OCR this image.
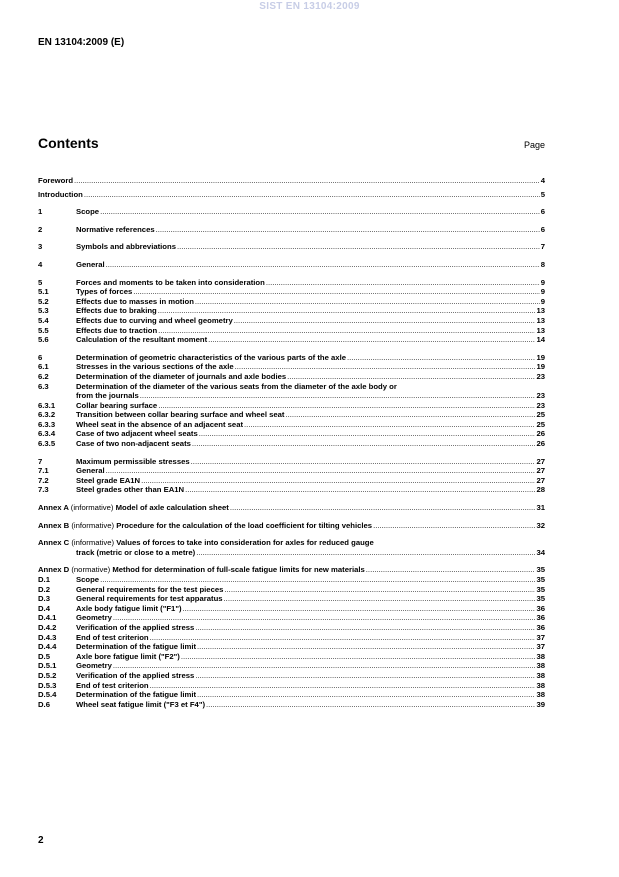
SIST EN 13104:2009
EN 13104:2009 (E)
Contents	Page
Foreword .....	4
Introduction .....	5
1	Scope .....	6
2	Normative references .....	6
3	Symbols and abbreviations .....	7
4	General .....	8
5	Forces and moments to be taken into consideration .....	9
5.1	Types of forces .....	9
5.2	Effects due to masses in motion .....	9
5.3	Effects due to braking .....	13
5.4	Effects due to curving and wheel geometry .....	13
5.5	Effects due to traction .....	13
5.6	Calculation of the resultant moment .....	14
6	Determination of geometric characteristics of the various parts of the axle .....	19
6.1	Stresses in the various sections of the axle .....	19
6.2	Determination of the diameter of journals and axle bodies .....	23
6.3	Determination of the diameter of the various seats from the diameter of the axle body or
from the journals .....	23
6.3.1	Collar bearing surface .....	23
6.3.2	Transition between collar bearing surface and wheel seat .....	25
6.3.3	Wheel seat in the absence of an adjacent seat .....	25
6.3.4	Case of two adjacent wheel seats .....	26
6.3.5	Case of two non-adjacent seats .....	26
7	Maximum permissible stresses .....	27
7.1	General .....	27
7.2	Steel grade EA1N .....	27
7.3	Steel grades other than EA1N .....	28
Annex A (informative) Model of axle calculation sheet .....	31
Annex B (informative) Procedure for the calculation of the load coefficient for tilting vehicles .....	32
Annex C (informative) Values of forces to take into consideration for axles for reduced gauge
track (metric or close to a metre) .....	34
Annex D (normative) Method for determination of full-scale fatigue limits for new materials .....	35
D.1	Scope .....	35
D.2	General requirements for the test pieces .....	35
D.3	General requirements for test apparatus .....	35
D.4	Axle body fatigue limit ("F1") .....	36
D.4.1	Geometry .....	36
D.4.2	Verification of the applied stress .....	36
D.4.3	End of test criterion .....	37
D.4.4	Determination of the fatigue limit .....	37
D.5	Axle bore fatigue limit ("F2") .....	38
D.5.1	Geometry .....	38
D.5.2	Verification of the applied stress .....	38
D.5.3	End of test criterion .....	38
D.5.4	Determination of the fatigue limit .....	38
D.6	Wheel seat fatigue limit ("F3 et F4") .....	39
2
